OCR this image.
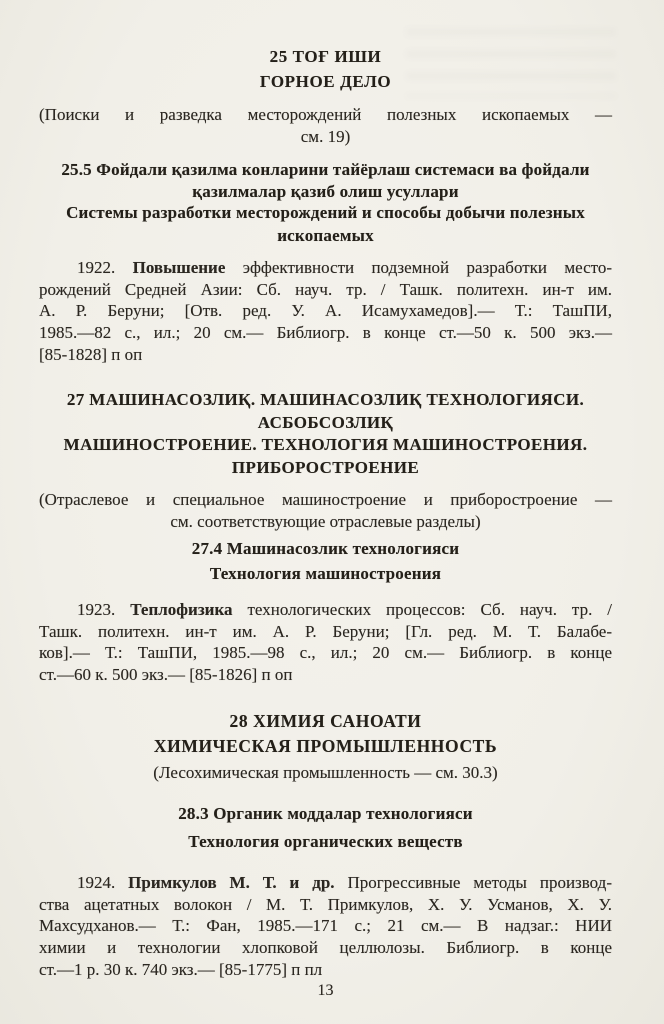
25 ТОҒ ИШИ
ГОРНОЕ ДЕЛО
(Поиски и разведка месторождений полезных ископаемых —
см. 19)
25.5 Фойдали қазилма конларини тайёрлаш системаси ва фойдали
қазилмалар қазиб олиш усуллари
Системы разработки месторождений и способы добычи полезных
ископаемых
1922. Повышение эффективности подземной разработки место-
рождений Средней Азии: Сб. науч. тр. / Ташк. политехн. ин-т им.
А. Р. Беруни; [Отв. ред. У. А. Исамухамедов].— Т.: ТашПИ,
1985.—82 с., ил.; 20 см.— Библиогр. в конце ст.—50 к. 500 экз.—
[85-1828] п оп
27 МАШИНАСОЗЛИҚ. МАШИНАСОЗЛИҚ ТЕХНОЛОГИЯСИ.
АСБОБСОЗЛИҚ
МАШИНОСТРОЕНИЕ. ТЕХНОЛОГИЯ МАШИНОСТРОЕНИЯ.
ПРИБОРОСТРОЕНИЕ
(Отраслевое и специальное машиностроение и приборостроение —
см. соответствующие отраслевые разделы)
27.4 Машинасозлик технологияси
Технология машиностроения
1923. Теплофизика технологических процессов: Сб. науч. тр. /
Ташк. политехн. ин-т им. А. Р. Беруни; [Гл. ред. М. Т. Балабе-
ков].— Т.: ТашПИ, 1985.—98 с., ил.; 20 см.— Библиогр. в конце
ст.—60 к. 500 экз.— [85-1826] п оп
28 ХИМИЯ САНОАТИ
ХИМИЧЕСКАЯ ПРОМЫШЛЕННОСТЬ
(Лесохимическая промышленность — см. 30.3)
28.3 Органик моддалар технологияси
Технология органических веществ
1924. Примкулов М. Т. и др. Прогрессивные методы производ-
ства ацетатных волокон / М. Т. Примкулов, Х. У. Усманов, Х. У.
Махсудханов.— Т.: Фан, 1985.—171 с.; 21 см.— В надзаг.: НИИ
химии и технологии хлопковой целлюлозы. Библиогр. в конце
ст.—1 р. 30 к. 740 экз.— [85-1775] п пл
13
